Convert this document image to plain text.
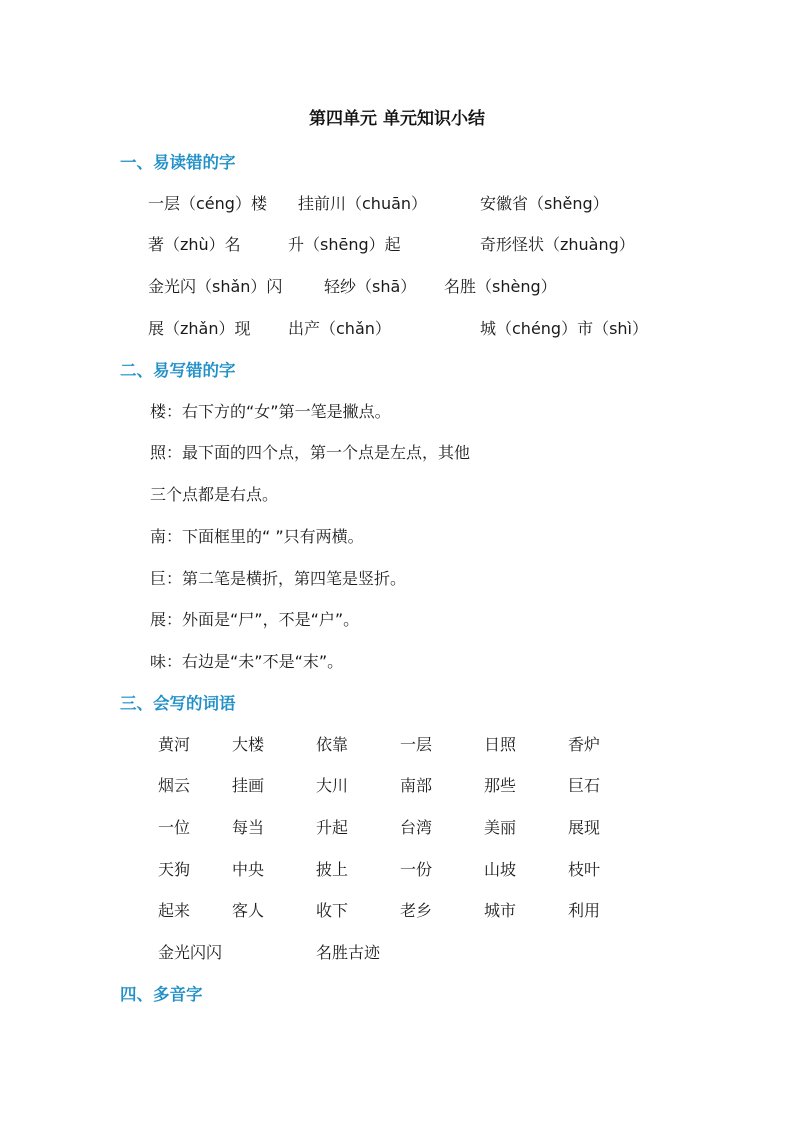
第四单元 单元知识小结
一、易读错的字
一层（céng）楼 挂前川（chuān）	安徽省（shěng）
著（zhù）名	升（shēng）起	奇形怪状（zhuàng）
金光闪（shǎn）闪	轻纱（shā） 名胜（shèng）
展（zhǎn）现 出产（chǎn）	城（chéng）市（shì）
二、易写错的字
楼：右下方的“女”第一笔是撇点。
照：最下面的四个点，第一个点是左点，其他
三个点都是右点。
南：下面框里的“ ”只有两横。
巨：第二笔是横折，第四笔是竖折。
展：外面是“尸”，不是“户”。
味：右边是“未”不是“末”。
三、会写的词语
黄河	大楼	依靠	一层	日照	香炉
烟云	挂画	大川	南部	那些	巨石
一位	每当	升起	台湾	美丽	展现
天狗	中央	披上	一份	山坡	枝叶
起来	客人	收下	老乡	城市	利用
金光闪闪	名胜古迹
四、多音字
